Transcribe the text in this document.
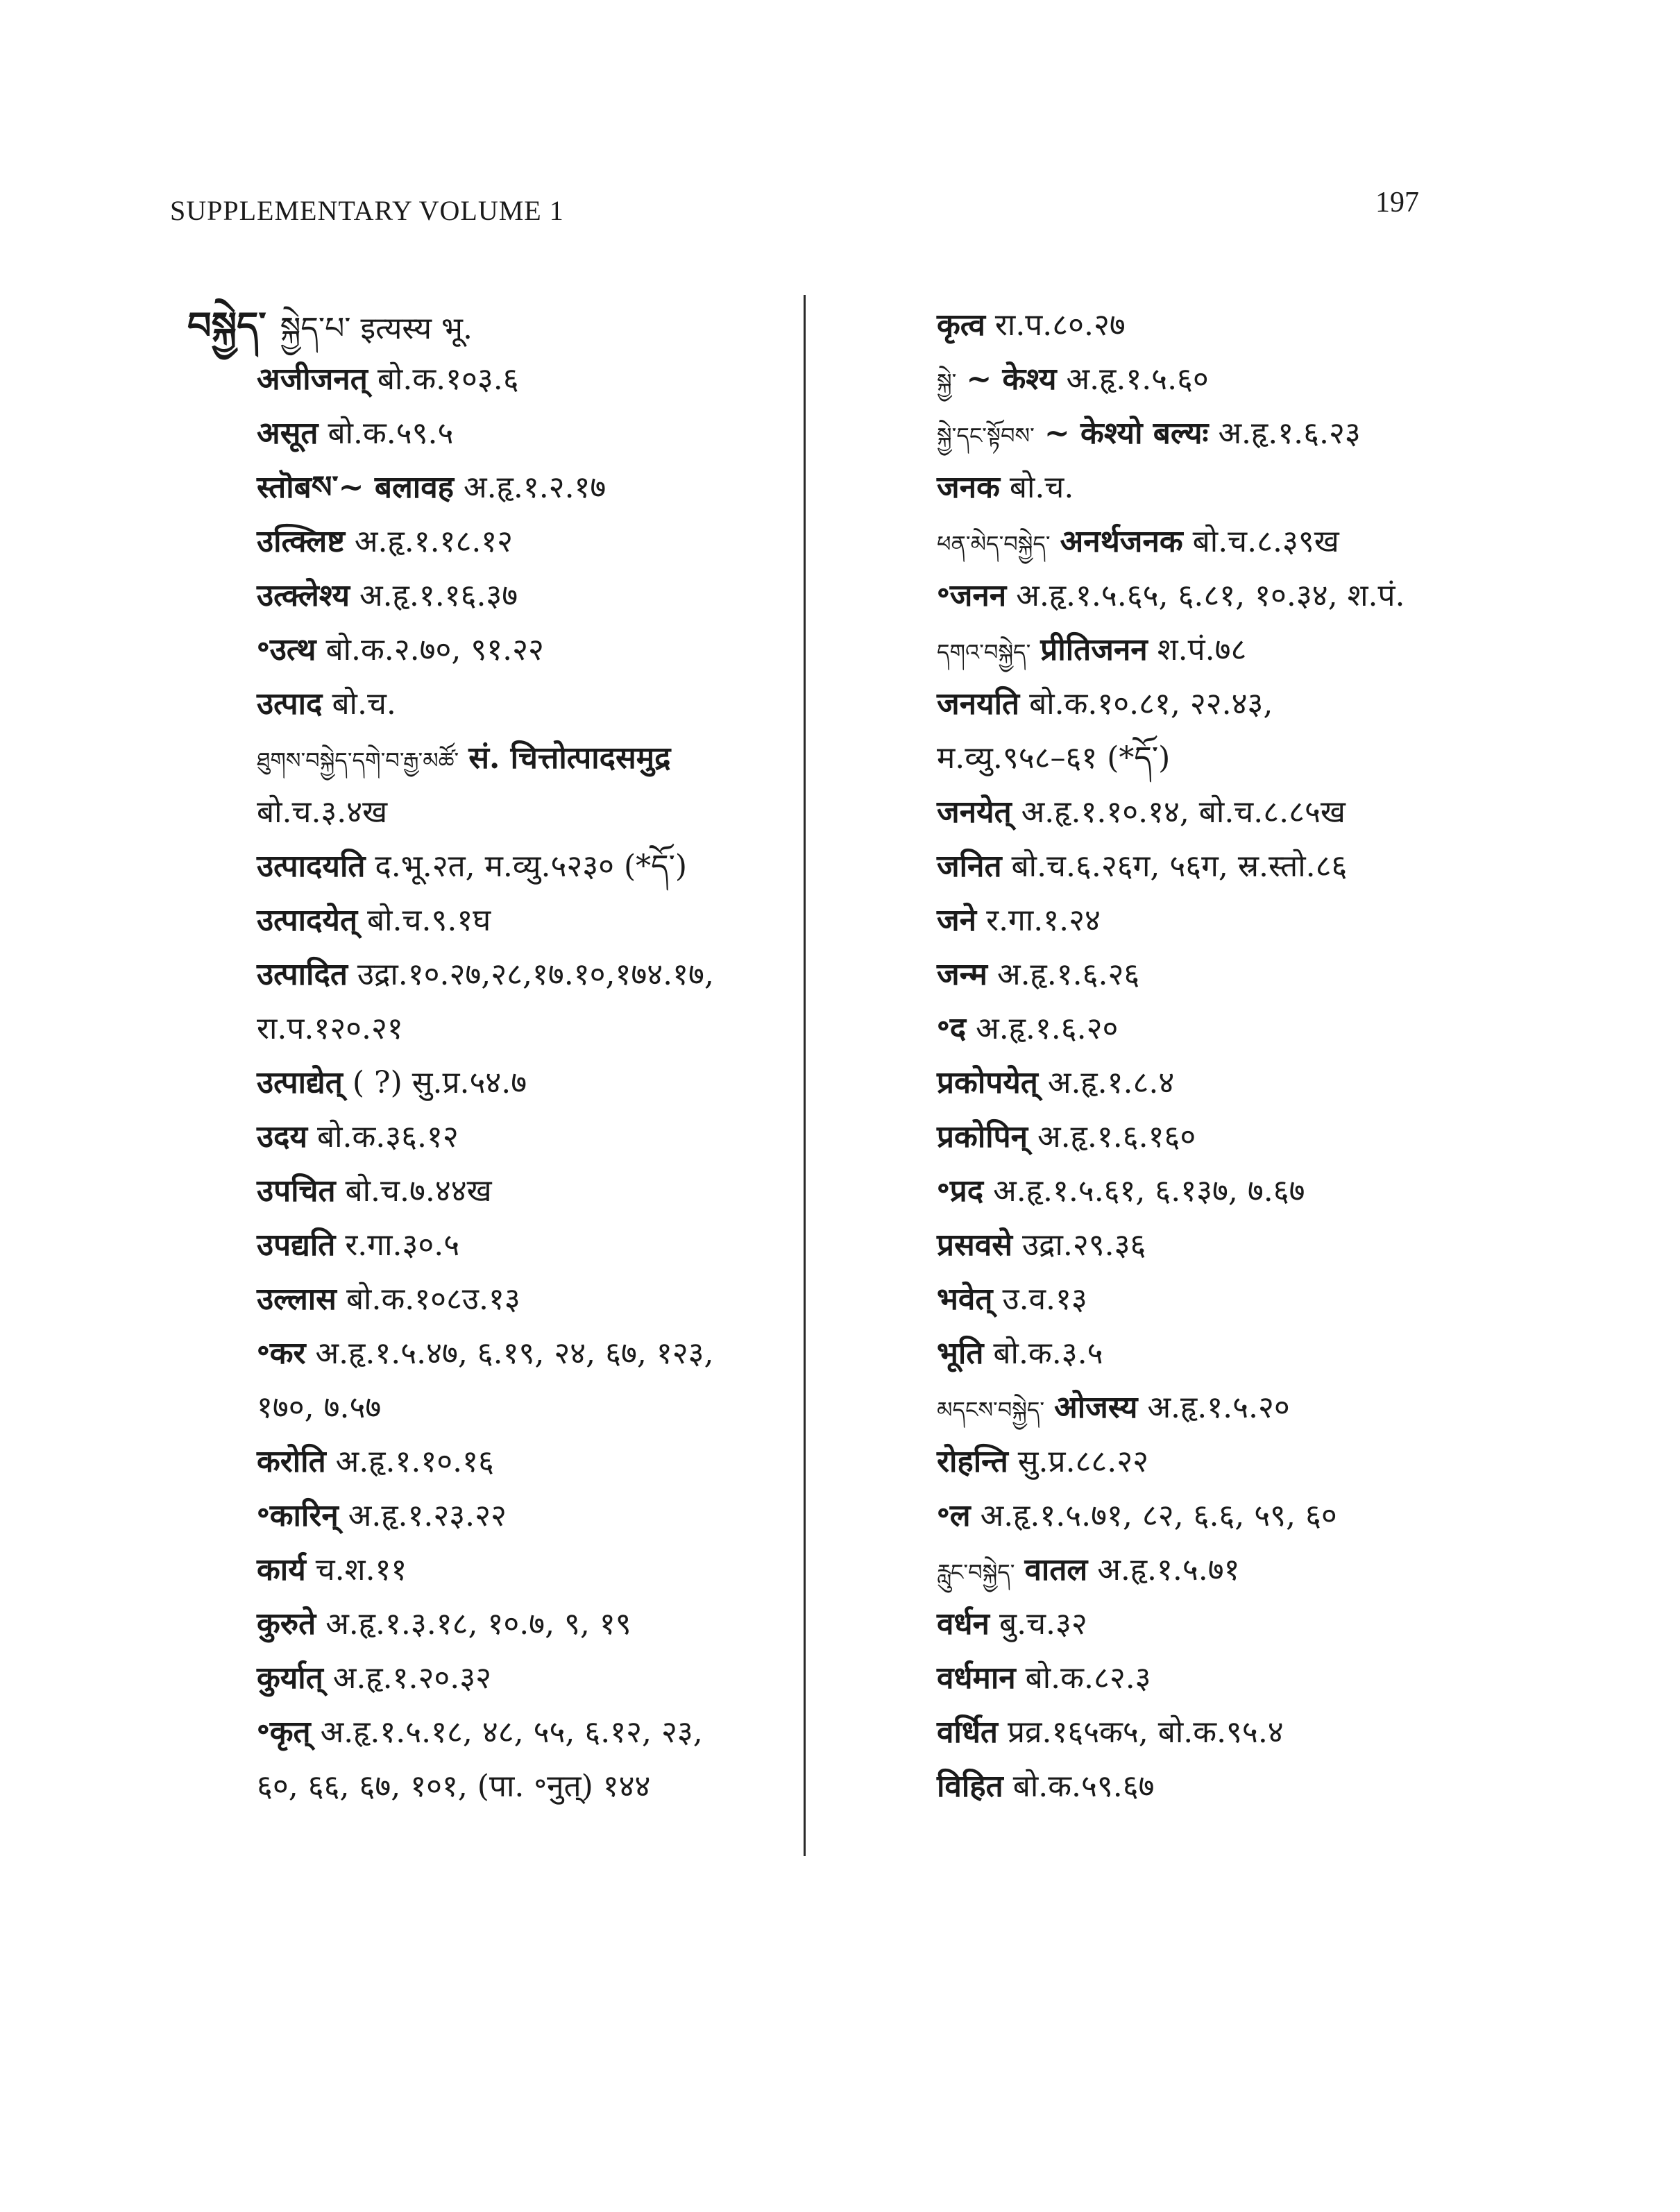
SUPPLEMENTARY VOLUME 1	197
བསྐྱེད་ སྐྱེད་པ་ इत्यस्य भू.
अजीजनत् बो.क.१०३.६
असूत बो.क.५९.५
स्तॊबས་~ बलावह अ.हृ.१.२.१७
उत्क्लिष्ट अ.हृ.१.१८.१२
उत्क्लेश्य अ.हृ.१.१६.३७
॰उत्थ बो.क.२.७०, ९१.२२
उत्पाद बो.च.
ཐུགས་བསྐྱེད་དགེ་བ་རྒྱ་མཚོ་ सं. चित्तोत्पादसमुद्र
बो.च.३.४ख
उत्पादयति द.भू.२त, म.व्यु.५२३० (*དོ་)
उत्पादयेत् बो.च.९.१घ
उत्पादित उद्रा.१०.२७,२८,१७.१०,१७४.१७,
रा.प.१२०.२१
उत्पाद्येत् ( ?) सु.प्र.५४.७
उदय बो.क.३६.१२
उपचित बो.च.७.४४ख
उपद्यति र.गा.३०.५
उल्लास बो.क.१०८उ.१३
॰कर अ.हृ.१.५.४७, ६.१९, २४, ६७, १२३,
१७०, ७.५७
करोति अ.हृ.१.१०.१६
॰कारिन् अ.हृ.१.२३.२२
कार्य च.श.११
कुरुते अ.हृ.१.३.१८, १०.७, ९, १९
कुर्यात् अ.हृ.१.२०.३२
॰कृत् अ.हृ.१.५.१८, ४८, ५५, ६.१२, २३,
६०, ६६, ६७, १०१, (पा. ॰नुत्) १४४
कृत्व रा.प.८०.२७
སྐྱེ་ ~ केश्य अ.हृ.१.५.६०
སྐྱེ་དང་སྟོབས་ ~ केश्यो बल्यः अ.हृ.१.६.२३
जनक बो.च.
ཕན་མེད་བསྐྱེད་ अनर्थजनक बो.च.८.३९ख
॰जनन अ.हृ.१.५.६५, ६.८१, १०.३४, श.पं.
དགའ་བསྐྱེད་ प्रीतिजनन श.पं.७८
जनयति बो.क.१०.८१, २२.४३,
म.व्यु.९५८–६१ (*དོ་)
जनयेत् अ.हृ.१.१०.१४, बो.च.८.८५ख
जनित बो.च.६.२६ग, ५६ग, स्र.स्तो.८६
जने र.गा.१.२४
जन्म अ.हृ.१.६.२६
॰द अ.हृ.१.६.२०
प्रकोपयेत् अ.हृ.१.८.४
प्रकोपिन् अ.हृ.१.६.१६०
॰प्रद अ.हृ.१.५.६१, ६.१३७, ७.६७
प्रसवसे उद्रा.२९.३६
भवेत् उ.व.१३
भूति बो.क.३.५
མདངས་བསྐྱེད་ ओजस्य अ.हृ.१.५.२०
रोहन्ति सु.प्र.८८.२२
॰ल अ.हृ.१.५.७१, ८२, ६.६, ५९, ६०
རླུང་བསྐྱེད་ वातल अ.हृ.१.५.७१
वर्धन बु.च.३२
वर्धमान बो.क.८२.३
वर्धित प्रव्र.१६५क५, बो.क.९५.४
विहित बो.क.५९.६७
